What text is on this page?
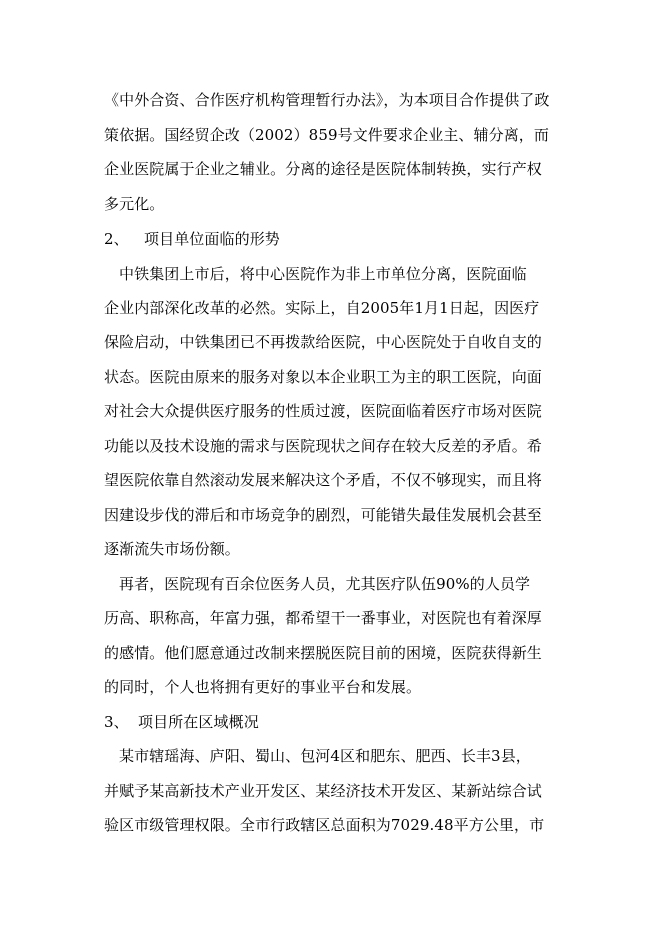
《中外合资、合作医疗机构管理暂行办法》，为本项目合作提供了政
策依据。国经贸企改（2002）859号文件要求企业主、辅分离，而
企业医院属于企业之辅业。分离的途径是医院体制转换，实行产权
多元化。
2、 项目单位面临的形势
中铁集团上市后，将中心医院作为非上市单位分离，医院面临
企业内部深化改革的必然。实际上，自2005年1月1日起，因医疗
保险启动，中铁集团已不再拨款给医院，中心医院处于自收自支的
状态。医院由原来的服务对象以本企业职工为主的职工医院，向面
对社会大众提供医疗服务的性质过渡，医院面临着医疗市场对医院
功能以及技术设施的需求与医院现状之间存在较大反差的矛盾。希
望医院依靠自然滚动发展来解决这个矛盾，不仅不够现实，而且将
因建设步伐的滞后和市场竞争的剧烈，可能错失最佳发展机会甚至
逐渐流失市场份额。
再者，医院现有百余位医务人员，尤其医疗队伍90%的人员学
历高、职称高，年富力强，都希望干一番事业，对医院也有着深厚
的感情。他们愿意通过改制来摆脱医院目前的困境，医院获得新生
的同时，个人也将拥有更好的事业平台和发展。
3、 项目所在区域概况
某市辖瑶海、庐阳、蜀山、包河4区和肥东、肥西、长丰3县，
并赋予某高新技术产业开发区、某经济技术开发区、某新站综合试
验区市级管理权限。全市行政辖区总面积为7029.48平方公里，市
